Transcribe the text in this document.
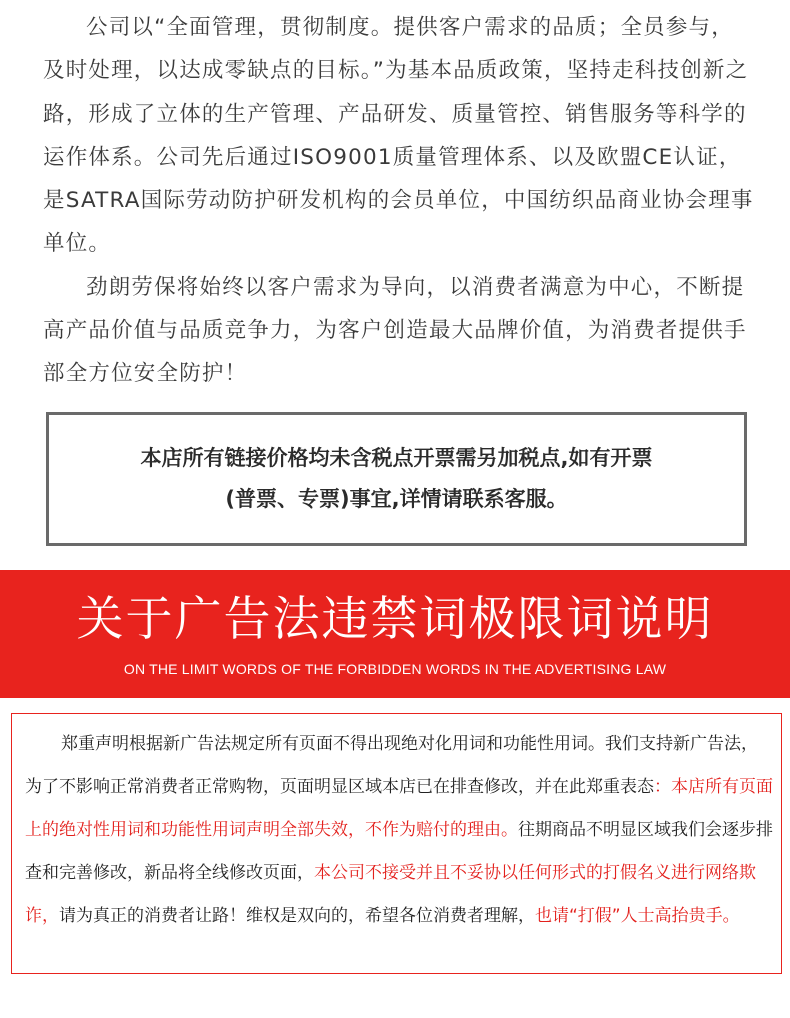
公司以“全面管理，贯彻制度。提供客户需求的品质；全员参与，及时处理，以达成零缺点的目标。”为基本品质政策，坚持走科技创新之路，形成了立体的生产管理、产品研发、质量管控、销售服务等科学的运作体系。公司先后通过ISO9001质量管理体系、以及欧盟CE认证，是SATRA国际劳动防护研发机构的会员单位，中国纺织品商业协会理事单位。

劲朗劳保将始终以客户需求为导向，以消费者满意为中心，不断提高产品价值与品质竞争力，为客户创造最大品牌价值，为消费者提供手部全方位安全防护！

本店所有链接价格均未含税点开票需另加税点,如有开票
(普票、专票)事宜,详情请联系客服。
关于广告法违禁词极限词说明
ON THE LIMIT WORDS OF THE FORBIDDEN WORDS IN THE ADVERTISING LAW
郑重声明根据新广告法规定所有页面不得出现绝对化用词和功能性用词。我们支持新广告法，为了不影响正常消费者正常购物，页面明显区域本店已在排查修改，并在此郑重表态：本店所有页面上的绝对性用词和功能性用词声明全部失效，不作为赔付的理由。往期商品不明显区域我们会逐步排查和完善修改，新品将全线修改页面，本公司不接受并且不妥协以任何形式的打假名义进行网络欺诈，请为真正的消费者让路！维权是双向的，希望各位消费者理解，也请“打假”人士高抬贵手。
